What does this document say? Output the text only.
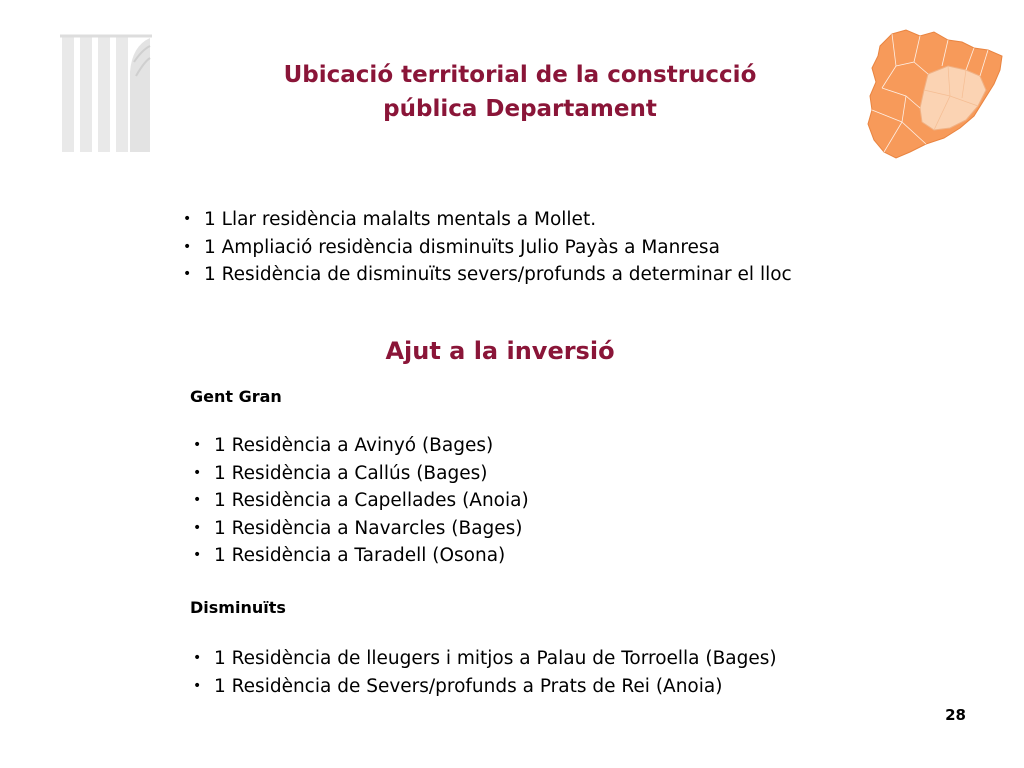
Ubicació territorial de la construcció
pública Departament
• 1 Llar residència malalts mentals a Mollet.
• 1 Ampliació residència disminuïts Julio Payàs a Manresa
• 1 Residència de disminuïts severs/profunds a determinar el lloc
Ajut a la inversió
Gent Gran
• 1 Residència a Avinyó (Bages)
• 1 Residència a Callús (Bages)
• 1 Residència a Capellades (Anoia)
• 1 Residència a Navarcles (Bages)
• 1 Residència a Taradell (Osona)
Disminuïts
• 1 Residència de lleugers i mitjos a Palau de Torroella (Bages)
• 1 Residència de Severs/profunds a Prats de Rei (Anoia)
28
